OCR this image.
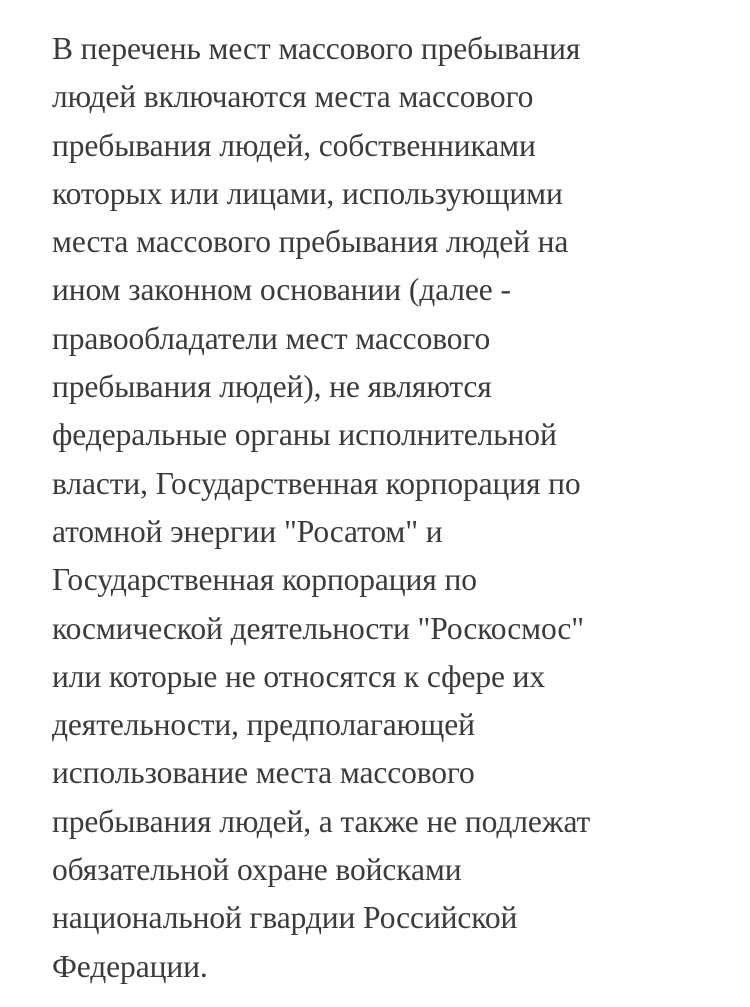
В перечень мест массового пребывания
людей включаются места массового
пребывания людей, собственниками
которых или лицами, использующими
места массового пребывания людей на
ином законном основании (далее -
правообладатели мест массового
пребывания людей), не являются
федеральные органы исполнительной
власти, Государственная корпорация по
атомной энергии "Росатом" и
Государственная корпорация по
космической деятельности "Роскосмос"
или которые не относятся к сфере их
деятельности, предполагающей
использование места массового
пребывания людей, а также не подлежат
обязательной охране войсками
национальной гвардии Российской
Федерации.
